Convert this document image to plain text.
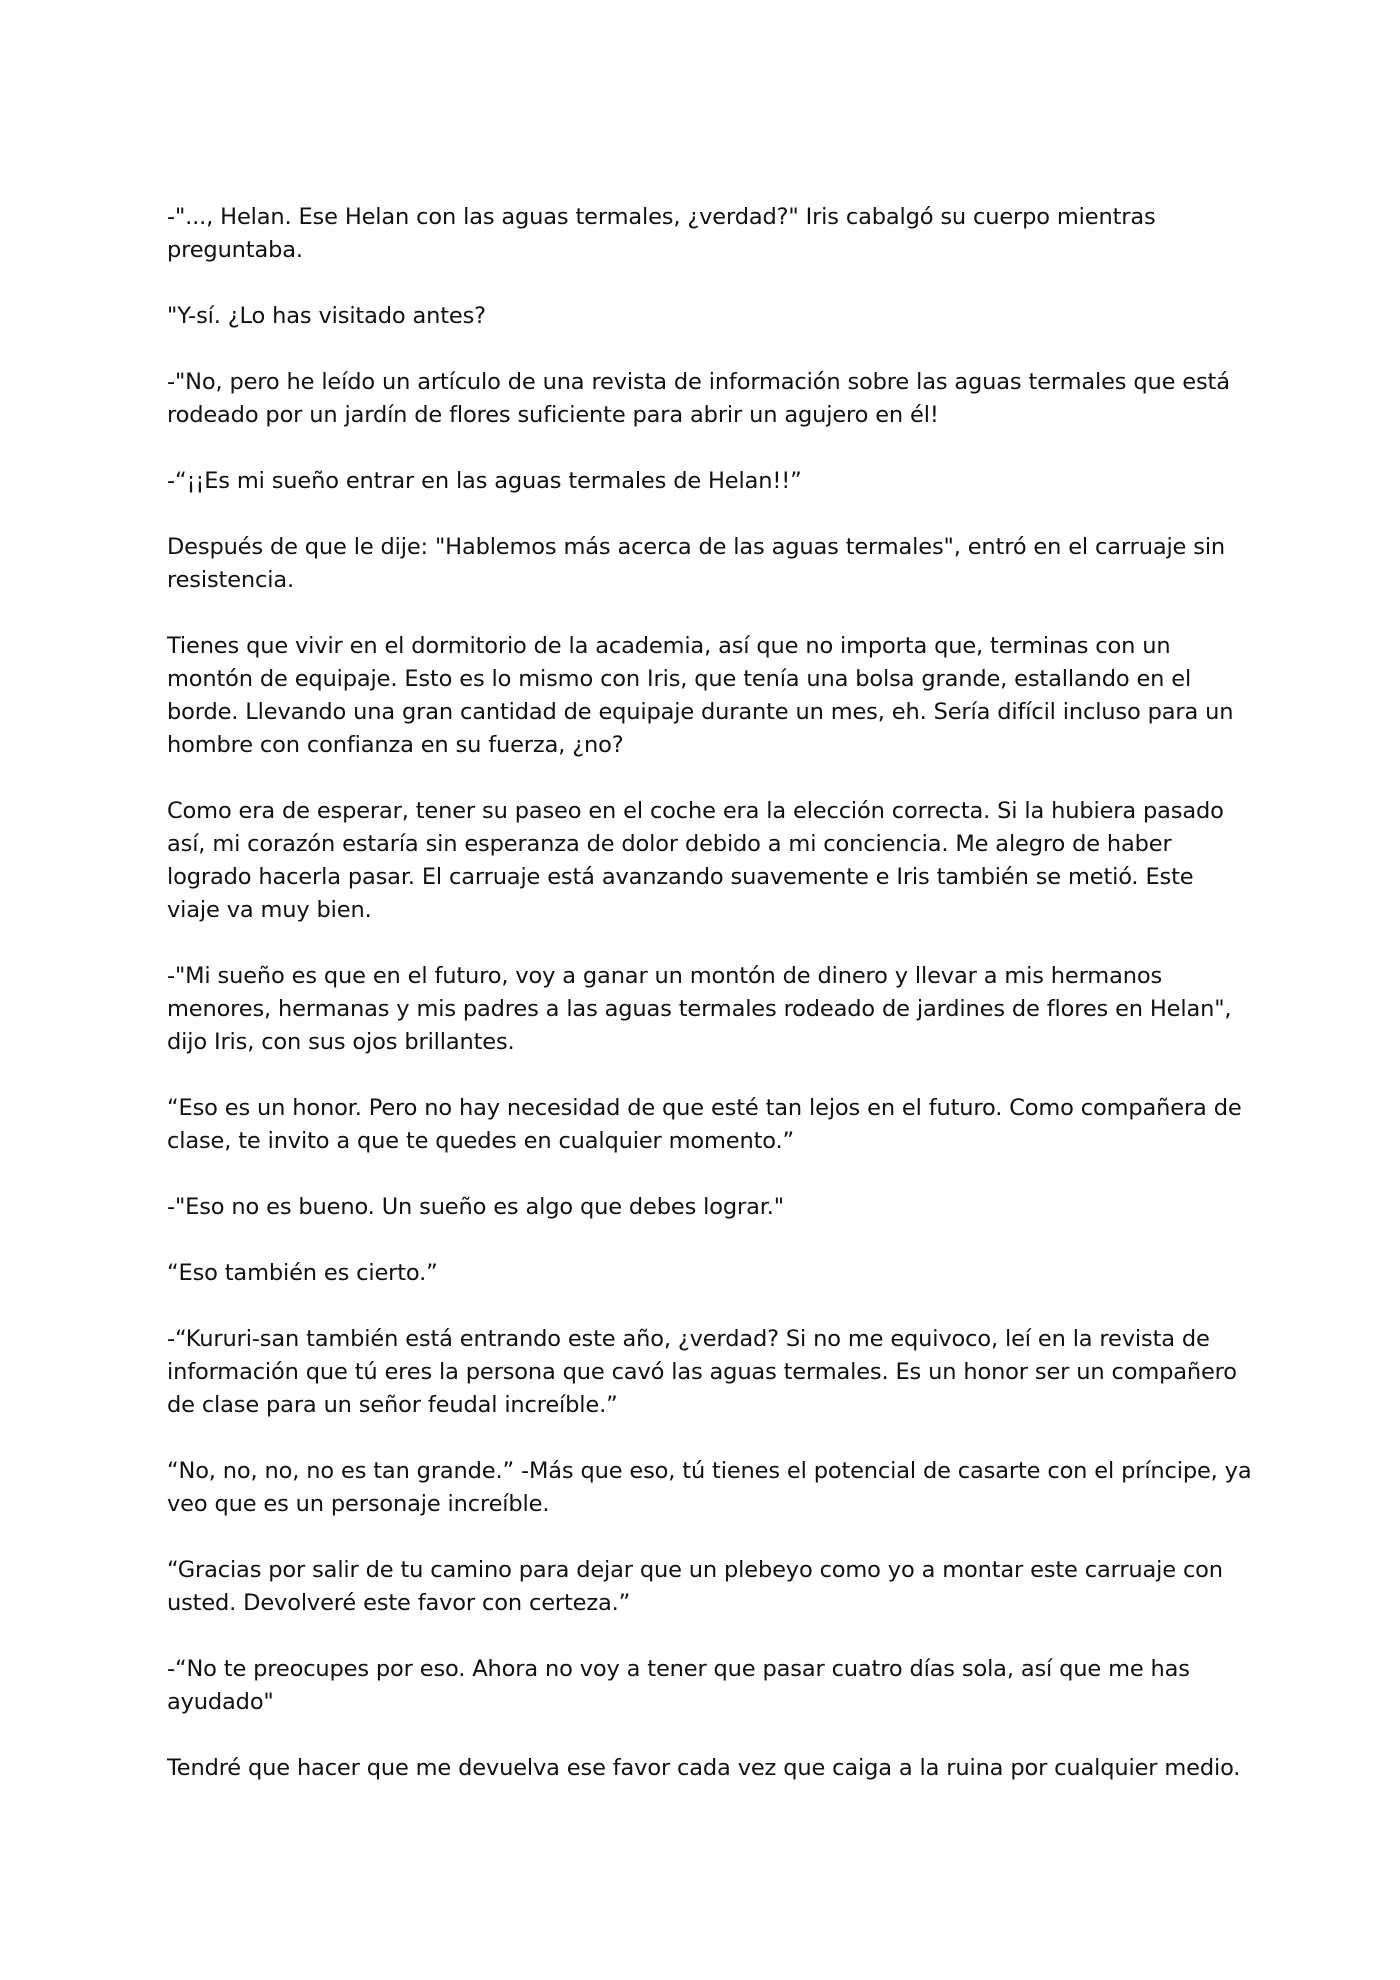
-"..., Helan. Ese Helan con las aguas termales, ¿verdad?" Iris cabalgó su cuerpo mientras preguntaba.

"Y-sí. ¿Lo has visitado antes?

-"No, pero he leído un artículo de una revista de información sobre las aguas termales que está rodeado por un jardín de flores suficiente para abrir un agujero en él!

-“¡¡Es mi sueño entrar en las aguas termales de Helan!!”

Después de que le dije: "Hablemos más acerca de las aguas termales", entró en el carruaje sin resistencia.

Tienes que vivir en el dormitorio de la academia, así que no importa que, terminas con un montón de equipaje. Esto es lo mismo con Iris, que tenía una bolsa grande, estallando en el borde. Llevando una gran cantidad de equipaje durante un mes, eh. Sería difícil incluso para un hombre con confianza en su fuerza, ¿no?

Como era de esperar, tener su paseo en el coche era la elección correcta. Si la hubiera pasado así, mi corazón estaría sin esperanza de dolor debido a mi conciencia. Me alegro de haber logrado hacerla pasar. El carruaje está avanzando suavemente e Iris también se metió. Este viaje va muy bien.

-"Mi sueño es que en el futuro, voy a ganar un montón de dinero y llevar a mis hermanos menores, hermanas y mis padres a las aguas termales rodeado de jardines de flores en Helan", dijo Iris, con sus ojos brillantes.

“Eso es un honor. Pero no hay necesidad de que esté tan lejos en el futuro. Como compañera de clase, te invito a que te quedes en cualquier momento.”

-"Eso no es bueno. Un sueño es algo que debes lograr."

“Eso también es cierto.”

-“Kururi-san también está entrando este año, ¿verdad? Si no me equivoco, leí en la revista de información que tú eres la persona que cavó las aguas termales. Es un honor ser un compañero de clase para un señor feudal increíble.”

“No, no, no, no es tan grande.” -Más que eso, tú tienes el potencial de casarte con el príncipe, ya veo que es un personaje increíble.

“Gracias por salir de tu camino para dejar que un plebeyo como yo a montar este carruaje con usted. Devolveré este favor con certeza.”

-“No te preocupes por eso. Ahora no voy a tener que pasar cuatro días sola, así que me has ayudado"

Tendré que hacer que me devuelva ese favor cada vez que caiga a la ruina por cualquier medio.
